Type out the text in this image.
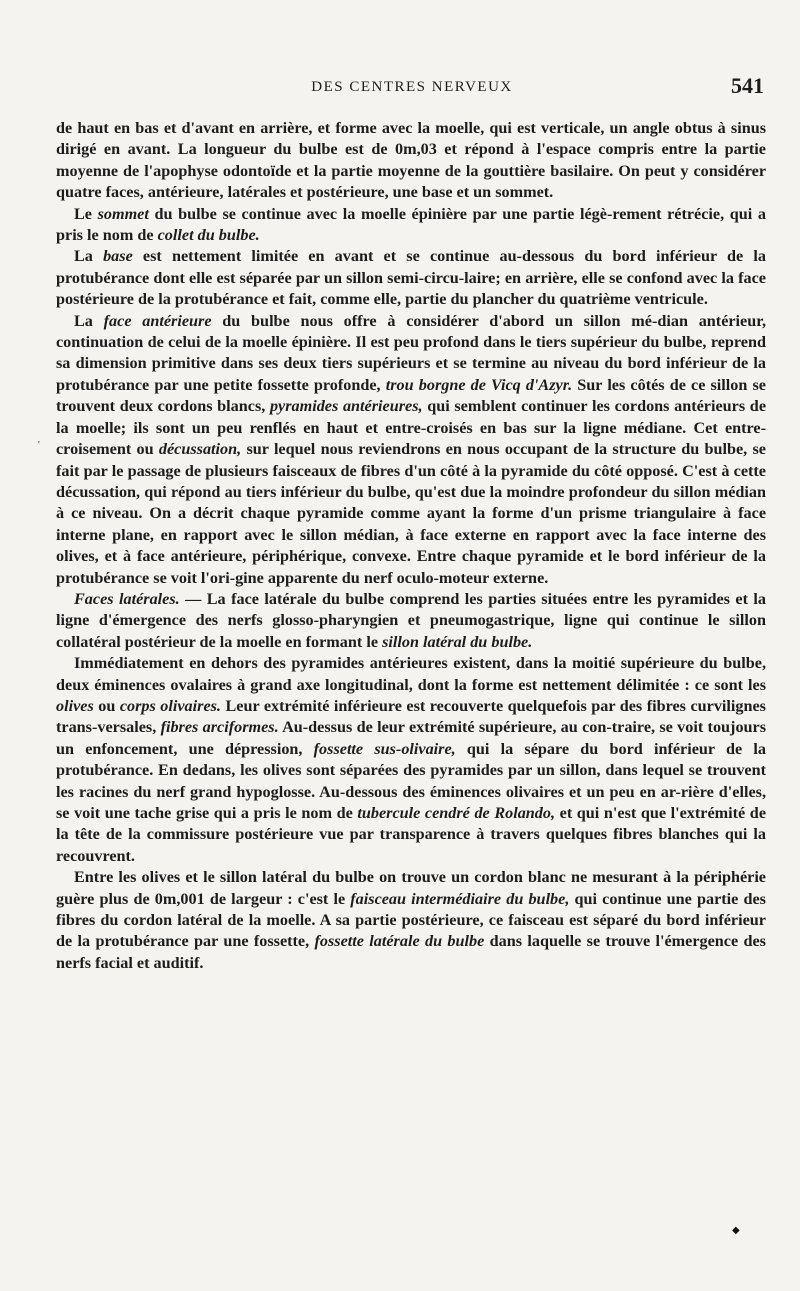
DES CENTRES NERVEUX	541

de haut en bas et d'avant en arrière, et forme avec la moelle, qui est verticale, un angle obtus à sinus dirigé en avant. La longueur du bulbe est de 0m,03 et répond à l'espace compris entre la partie moyenne de l'apophyse odontoïde et la partie moyenne de la gouttière basilaire. On peut y considérer quatre faces, antérieure, latérales et postérieure, une base et un sommet.

Le sommet du bulbe se continue avec la moelle épinière par une partie légè-rement rétrécie, qui a pris le nom de collet du bulbe.

La base est nettement limitée en avant et se continue au-dessous du bord inférieur de la protubérance dont elle est séparée par un sillon semi-circu-laire; en arrière, elle se confond avec la face postérieure de la protubérance et fait, comme elle, partie du plancher du quatrième ventricule.

La face antérieure du bulbe nous offre à considérer d'abord un sillon mé-dian antérieur, continuation de celui de la moelle épinière. Il est peu profond dans le tiers supérieur du bulbe, reprend sa dimension primitive dans ses deux tiers supérieurs et se termine au niveau du bord inférieur de la protubérance par une petite fossette profonde, trou borgne de Vicq d'Azyr. Sur les côtés de ce sillon se trouvent deux cordons blancs, pyramides antérieures, qui semblent continuer les cordons antérieurs de la moelle; ils sont un peu renflés en haut et entre-croisés en bas sur la ligne médiane. Cet entre-croisement ou décussation, sur lequel nous reviendrons en nous occupant de la structure du bulbe, se fait par le passage de plusieurs faisceaux de fibres d'un côté à la pyramide du côté opposé. C'est à cette décussation, qui répond au tiers inférieur du bulbe, qu'est due la moindre profondeur du sillon médian à ce niveau. On a décrit chaque pyramide comme ayant la forme d'un prisme triangulaire à face interne plane, en rapport avec le sillon médian, à face externe en rapport avec la face interne des olives, et à face antérieure, périphérique, convexe. Entre chaque pyramide et le bord inférieur de la protubérance se voit l'ori-gine apparente du nerf oculo-moteur externe.

Faces latérales. — La face latérale du bulbe comprend les parties situées entre les pyramides et la ligne d'émergence des nerfs glosso-pharyngien et pneumogastrique, ligne qui continue le sillon collatéral postérieur de la moelle en formant le sillon latéral du bulbe.

Immédiatement en dehors des pyramides antérieures existent, dans la moitié supérieure du bulbe, deux éminences ovalaires à grand axe longitudinal, dont la forme est nettement délimitée : ce sont les olives ou corps olivaires. Leur extrémité inférieure est recouverte quelquefois par des fibres curvilignes trans-versales, fibres arciformes. Au-dessus de leur extrémité supérieure, au con-traire, se voit toujours un enfoncement, une dépression, fossette sus-olivaire, qui la sépare du bord inférieur de la protubérance. En dedans, les olives sont séparées des pyramides par un sillon, dans lequel se trouvent les racines du nerf grand hypoglosse. Au-dessous des éminences olivaires et un peu en ar-rière d'elles, se voit une tache grise qui a pris le nom de tubercule cendré de Rolando, et qui n'est que l'extrémité de la tête de la commissure postérieure vue par transparence à travers quelques fibres blanches qui la recouvrent.

Entre les olives et le sillon latéral du bulbe on trouve un cordon blanc ne mesurant à la périphérie guère plus de 0m,001 de largeur : c'est le faisceau intermédiaire du bulbe, qui continue une partie des fibres du cordon latéral de la moelle. A sa partie postérieure, ce faisceau est séparé du bord inférieur de la protubérance par une fossette, fossette latérale du bulbe dans laquelle se trouve l'émergence des nerfs facial et auditif.

'
◆
